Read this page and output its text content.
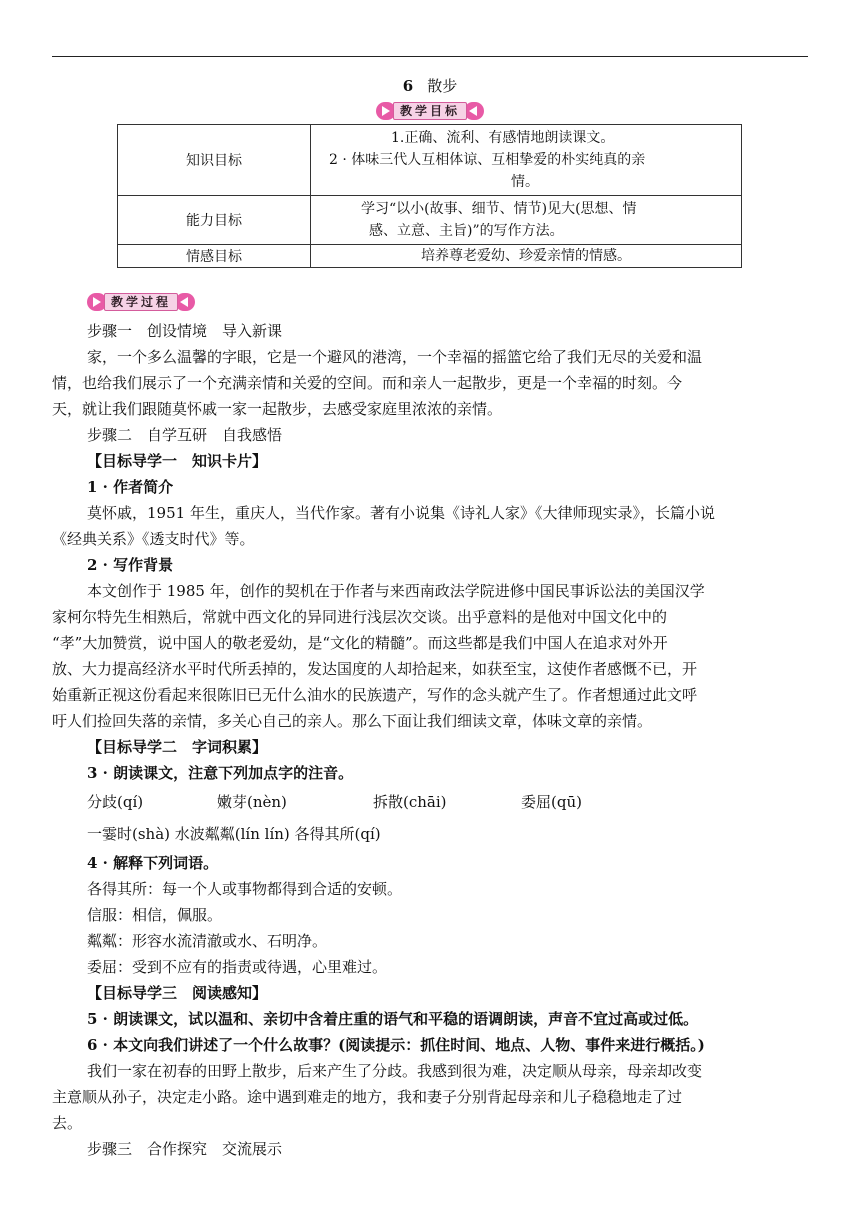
6 散步
教学目标
知识目标	1.正确、流利、有感情地朗读课文。
2 · 体味三代人互相体谅、互相挚爱的朴实纯真的亲
情。

能力目标	学习“以小(故事、细节、情节)见大(思想、情
感、立意、主旨)”的写作方法。

情感目标	培养尊老爱幼、珍爱亲情的情感。
教学过程
步骤一　创设情境　导入新课
家，一个多么温馨的字眼，它是一个避风的港湾，一个幸福的摇篮它给了我们无尽的关爱和温
情，也给我们展示了一个充满亲情和关爱的空间。而和亲人一起散步，更是一个幸福的时刻。今
天，就让我们跟随莫怀戚一家一起散步，去感受家庭里浓浓的亲情。
步骤二　自学互研　自我感悟
【目标导学一　知识卡片】
1 · 作者简介
莫怀戚，1951 年生，重庆人，当代作家。著有小说集《诗礼人家》《大律师现实录》，长篇小说
《经典关系》《透支时代》等。
2 · 写作背景
本文创作于 1985 年，创作的契机在于作者与来西南政法学院进修中国民事诉讼法的美国汉学
家柯尔特先生相熟后，常就中西文化的异同进行浅层次交谈。出乎意料的是他对中国文化中的
“孝”大加赞赏，说中国人的敬老爱幼，是“文化的精髓”。而这些都是我们中国人在追求对外开
放、大力提高经济水平时代所丢掉的，发达国度的人却拾起来，如获至宝，这使作者感慨不已，开
始重新正视这份看起来很陈旧已无什么油水的民族遗产，写作的念头就产生了。作者想通过此文呼
吁人们捡回失落的亲情，多关心自己的亲人。那么下面让我们细读文章，体味文章的亲情。
【目标导学二　字词积累】
3 · 朗读课文，注意下列加点字的注音。
分歧(qí)	嫩芽(nèn)	拆散(chāi)	委屈(qū)
一霎时(shà) 水波粼粼(lín lín) 各得其所(qí)
4 · 解释下列词语。
各得其所：每一个人或事物都得到合适的安顿。
信服：相信，佩服。
粼粼：形容水流清澈或水、石明净。
委屈：受到不应有的指责或待遇，心里难过。
【目标导学三　阅读感知】
5 · 朗读课文，试以温和、亲切中含着庄重的语气和平稳的语调朗读，声音不宜过高或过低。
6 · 本文向我们讲述了一个什么故事？(阅读提示：抓住时间、地点、人物、事件来进行概括。)
我们一家在初春的田野上散步，后来产生了分歧。我感到很为难，决定顺从母亲，母亲却改变
主意顺从孙子，决定走小路。途中遇到难走的地方，我和妻子分别背起母亲和儿子稳稳地走了过
去。
步骤三　合作探究　交流展示
